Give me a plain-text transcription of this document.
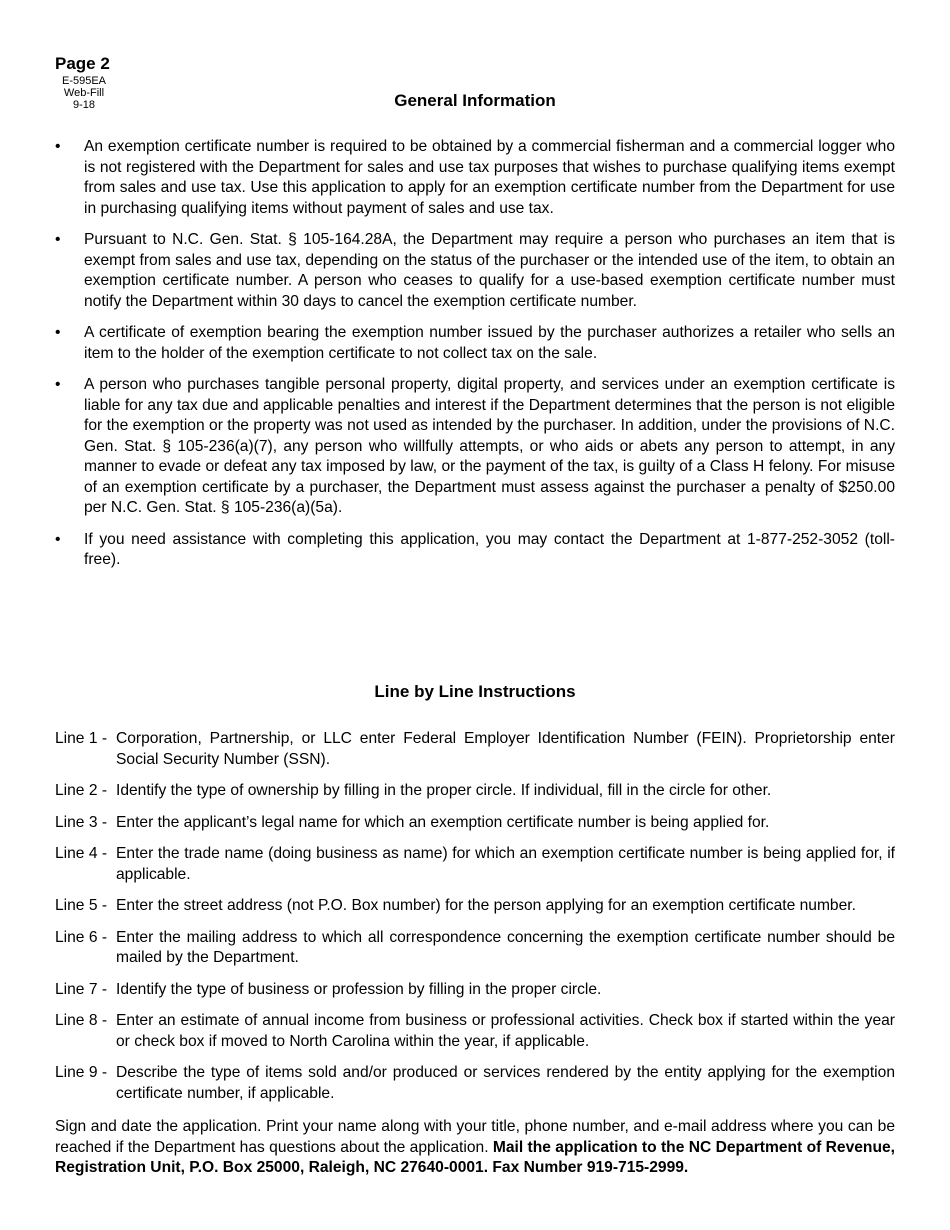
Page 2
E-595EA
Web-Fill
9-18	General Information
• An exemption certificate number is required to be obtained by a commercial fisherman and a commercial logger who is not registered with the Department for sales and use tax purposes that wishes to purchase qualifying items exempt from sales and use tax. Use this application to apply for an exemption certificate number from the Department for use in purchasing qualifying items without payment of sales and use tax.
• Pursuant to N.C. Gen. Stat. § 105-164.28A, the Department may require a person who purchases an item that is exempt from sales and use tax, depending on the status of the purchaser or the intended use of the item, to obtain an exemption certificate number. A person who ceases to qualify for a use-based exemption certificate number must notify the Department within 30 days to cancel the exemption certificate number.
• A certificate of exemption bearing the exemption number issued by the purchaser authorizes a retailer who sells an item to the holder of the exemption certificate to not collect tax on the sale.
• A person who purchases tangible personal property, digital property, and services under an exemption certificate is liable for any tax due and applicable penalties and interest if the Department determines that the person is not eligible for the exemption or the property was not used as intended by the purchaser. In addition, under the provisions of N.C. Gen. Stat. § 105-236(a)(7), any person who willfully attempts, or who aids or abets any person to attempt, in any manner to evade or defeat any tax imposed by law, or the payment of the tax, is guilty of a Class H felony. For misuse of an exemption certificate by a purchaser, the Department must assess against the purchaser a penalty of $250.00 per N.C. Gen. Stat. § 105-236(a)(5a).
• If you need assistance with completing this application, you may contact the Department at 1-877-252-3052 (toll-free).
Line by Line Instructions
Line 1 - Corporation, Partnership, or LLC enter Federal Employer Identification Number (FEIN). Proprietorship enter Social Security Number (SSN).
Line 2 - Identify the type of ownership by filling in the proper circle. If individual, fill in the circle for other.
Line 3 - Enter the applicant’s legal name for which an exemption certificate number is being applied for.
Line 4 - Enter the trade name (doing business as name) for which an exemption certificate number is being applied for, if applicable.
Line 5 - Enter the street address (not P.O. Box number) for the person applying for an exemption certificate number.
Line 6 - Enter the mailing address to which all correspondence concerning the exemption certificate number should be mailed by the Department.
Line 7 - Identify the type of business or profession by filling in the proper circle.
Line 8 - Enter an estimate of annual income from business or professional activities. Check box if started within the year or check box if moved to North Carolina within the year, if applicable.
Line 9 - Describe the type of items sold and/or produced or services rendered by the entity applying for the exemption certificate number, if applicable.
Sign and date the application. Print your name along with your title, phone number, and e-mail address where you can be reached if the Department has questions about the application. Mail the application to the NC Department of Revenue, Registration Unit, P.O. Box 25000, Raleigh, NC 27640-0001. Fax Number 919-715-2999.
